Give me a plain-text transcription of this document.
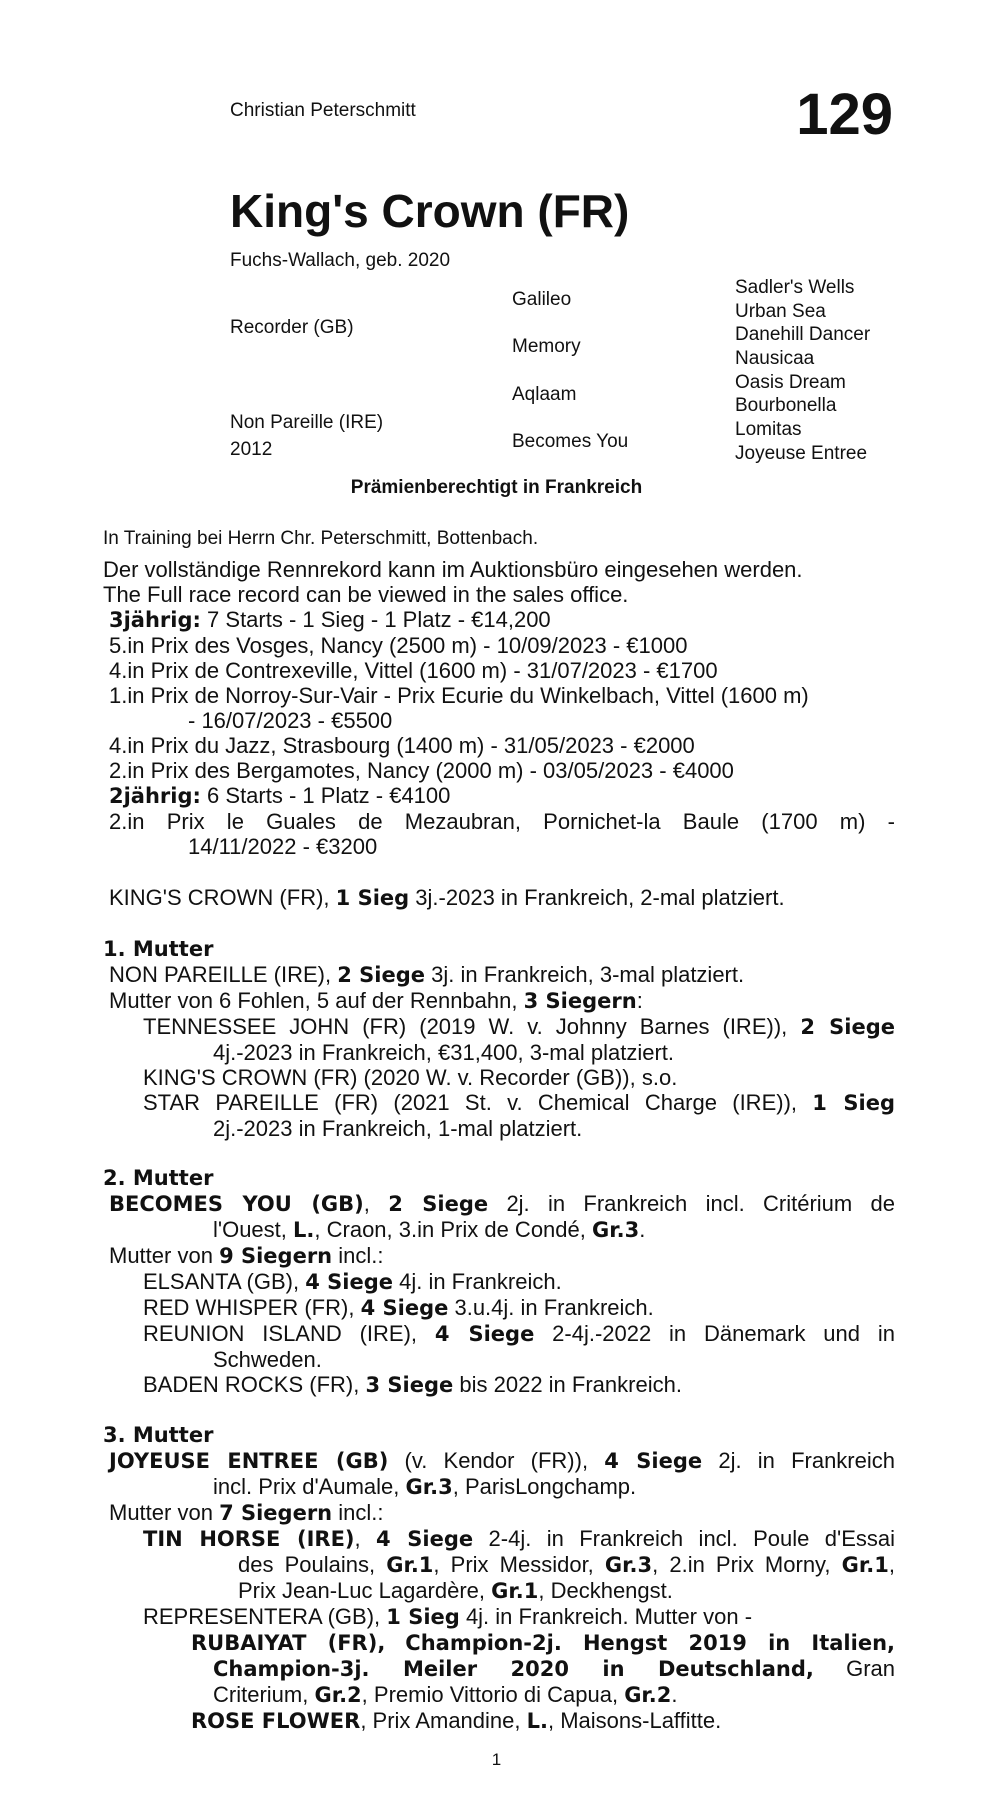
Christian Peterschmitt	129
King's Crown (FR)
Fuchs-Wallach, geb. 2020
Recorder (GB)
Non Pareille (IRE)
2012
Galileo
Memory
Aqlaam
Becomes You
Sadler's Wells
Urban Sea
Danehill Dancer
Nausicaa
Oasis Dream
Bourbonella
Lomitas
Joyeuse Entree
Prämienberechtigt in Frankreich
In Training bei Herrn Chr. Peterschmitt, Bottenbach.

Der vollständige Rennrekord kann im Auktionsbüro eingesehen werden.

The Full race record can be viewed in the sales office.

3jährig: 7 Starts - 1 Sieg - 1 Platz - €14,200

5.in Prix des Vosges, Nancy (2500 m) - 10/09/2023 - €1000

4.in Prix de Contrexeville, Vittel (1600 m) - 31/07/2023 - €1700

1.in Prix de Norroy-Sur-Vair - Prix Ecurie du Winkelbach, Vittel (1600 m)

- 16/07/2023 - €5500

4.in Prix du Jazz, Strasbourg (1400 m) - 31/05/2023 - €2000

2.in Prix des Bergamotes, Nancy (2000 m) - 03/05/2023 - €4000

2jährig: 6 Starts - 1 Platz - €4100

2.in Prix le Guales de Mezaubran, Pornichet-la Baule (1700 m) -

14/11/2022 - €3200

KING'S CROWN (FR), 1 Sieg 3j.-2023 in Frankreich, 2-mal platziert.

1. Mutter

NON PAREILLE (IRE), 2 Siege 3j. in Frankreich, 3-mal platziert.

Mutter von 6 Fohlen, 5 auf der Rennbahn, 3 Siegern:

TENNESSEE JOHN (FR) (2019 W. v. Johnny Barnes (IRE)), 2 Siege

4j.-2023 in Frankreich, €31,400, 3-mal platziert.

KING'S CROWN (FR) (2020 W. v. Recorder (GB)), s.o.

STAR PAREILLE (FR) (2021 St. v. Chemical Charge (IRE)), 1 Sieg

2j.-2023 in Frankreich, 1-mal platziert.

2. Mutter

BECOMES YOU (GB), 2 Siege 2j. in Frankreich incl. Critérium de

l'Ouest, L., Craon, 3.in Prix de Condé, Gr.3.

Mutter von 9 Siegern incl.:

ELSANTA (GB), 4 Siege 4j. in Frankreich.

RED WHISPER (FR), 4 Siege 3.u.4j. in Frankreich.

REUNION ISLAND (IRE), 4 Siege 2-4j.-2022 in Dänemark und in

Schweden.

BADEN ROCKS (FR), 3 Siege bis 2022 in Frankreich.

3. Mutter

JOYEUSE ENTREE (GB) (v. Kendor (FR)), 4 Siege 2j. in Frankreich

incl. Prix d'Aumale, Gr.3, ParisLongchamp.

Mutter von 7 Siegern incl.:

TIN HORSE (IRE), 4 Siege 2-4j. in Frankreich incl. Poule d'Essai

des Poulains, Gr.1, Prix Messidor, Gr.3, 2.in Prix Morny, Gr.1,

Prix Jean-Luc Lagardère, Gr.1, Deckhengst.

REPRESENTERA (GB), 1 Sieg 4j. in Frankreich. Mutter von -

RUBAIYAT (FR), Champion-2j. Hengst 2019 in Italien,

Champion-3j. Meiler 2020 in Deutschland, Gran

Criterium, Gr.2, Premio Vittorio di Capua, Gr.2.

ROSE FLOWER, Prix Amandine, L., Maisons-Laffitte.

1
